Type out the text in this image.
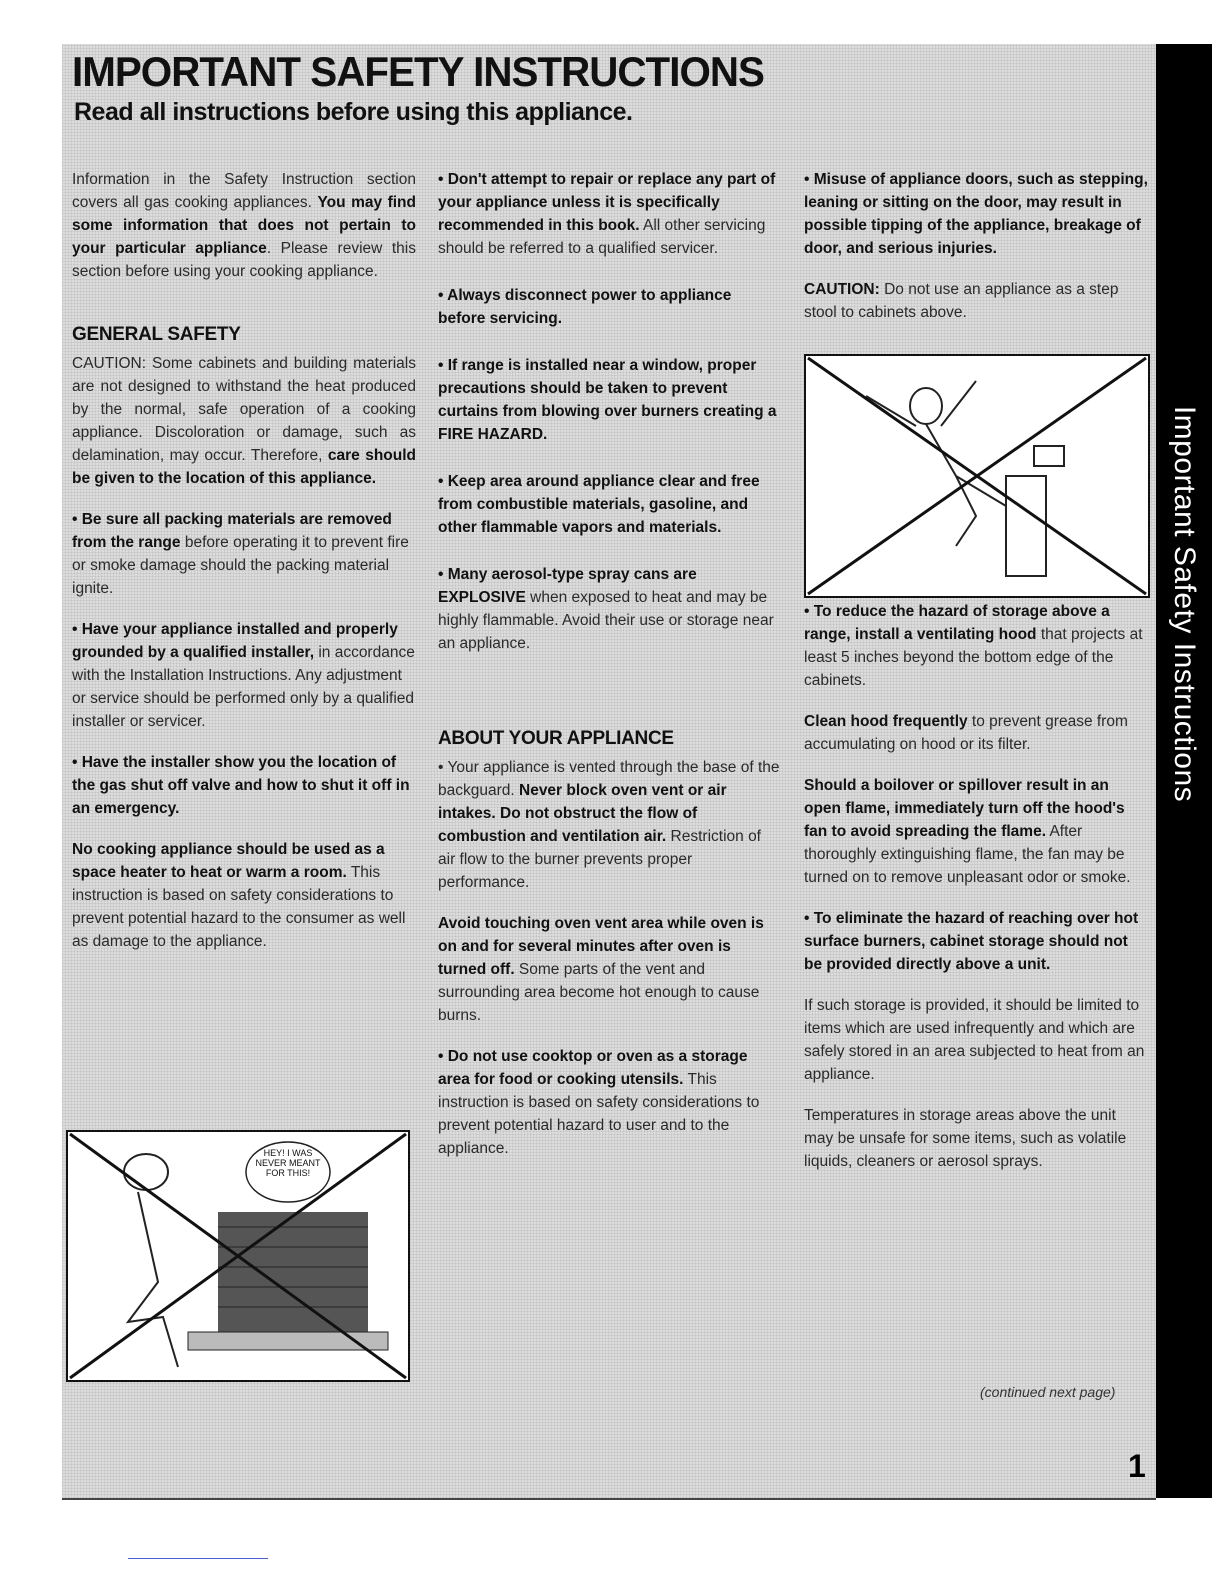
Important Safety Instructions
IMPORTANT SAFETY INSTRUCTIONS
Read all instructions before using this appliance.

Information in the Safety Instruction section covers all gas cooking appliances. You may find some information that does not pertain to your particular appliance. Please review this section before using your cooking appliance.

GENERAL SAFETY

CAUTION: Some cabinets and building materials are not designed to withstand the heat produced by the normal, safe operation of a cooking appliance. Discoloration or damage, such as delamination, may occur. Therefore, care should be given to the location of this appliance.

• Be sure all packing materials are removed from the range before operating it to prevent fire or smoke damage should the packing material ignite.

• Have your appliance installed and properly grounded by a qualified installer, in accordance with the Installation Instructions. Any adjustment or service should be performed only by a qualified installer or servicer.

• Have the installer show you the location of the gas shut off valve and how to shut it off in an emergency.

No cooking appliance should be used as a space heater to heat or warm a room. This instruction is based on safety considerations to prevent potential hazard to the consumer as well as damage to the appliance.

HEY! I WAS NEVER MEANT FOR THIS!

• Don't attempt to repair or replace any part of your appliance unless it is specifically recommended in this book. All other servicing should be referred to a qualified servicer.

• Always disconnect power to appliance before servicing.

• If range is installed near a window, proper precautions should be taken to prevent curtains from blowing over burners creating a FIRE HAZARD.

• Keep area around appliance clear and free from combustible materials, gasoline, and other flammable vapors and materials.

• Many aerosol-type spray cans are EXPLOSIVE when exposed to heat and may be highly flammable. Avoid their use or storage near an appliance.

ABOUT YOUR APPLIANCE

• Your appliance is vented through the base of the backguard. Never block oven vent or air intakes. Do not obstruct the flow of combustion and ventilation air. Restriction of air flow to the burner prevents proper performance.

Avoid touching oven vent area while oven is on and for several minutes after oven is turned off. Some parts of the vent and surrounding area become hot enough to cause burns.

• Do not use cooktop or oven as a storage area for food or cooking utensils. This instruction is based on safety considerations to prevent potential hazard to user and to the appliance.

• Misuse of appliance doors, such as stepping, leaning or sitting on the door, may result in possible tipping of the appliance, breakage of door, and serious injuries.

CAUTION: Do not use an appliance as a step stool to cabinets above.

• To reduce the hazard of storage above a range, install a ventilating hood that projects at least 5 inches beyond the bottom edge of the cabinets.

Clean hood frequently to prevent grease from accumulating on hood or its filter.

Should a boilover or spillover result in an open flame, immediately turn off the hood's fan to avoid spreading the flame. After thoroughly extinguishing flame, the fan may be turned on to remove unpleasant odor or smoke.

• To eliminate the hazard of reaching over hot surface burners, cabinet storage should not be provided directly above a unit.

If such storage is provided, it should be limited to items which are used infrequently and which are safely stored in an area subjected to heat from an appliance.

Temperatures in storage areas above the unit may be unsafe for some items, such as volatile liquids, cleaners or aerosol sprays.

(continued next page)
1
